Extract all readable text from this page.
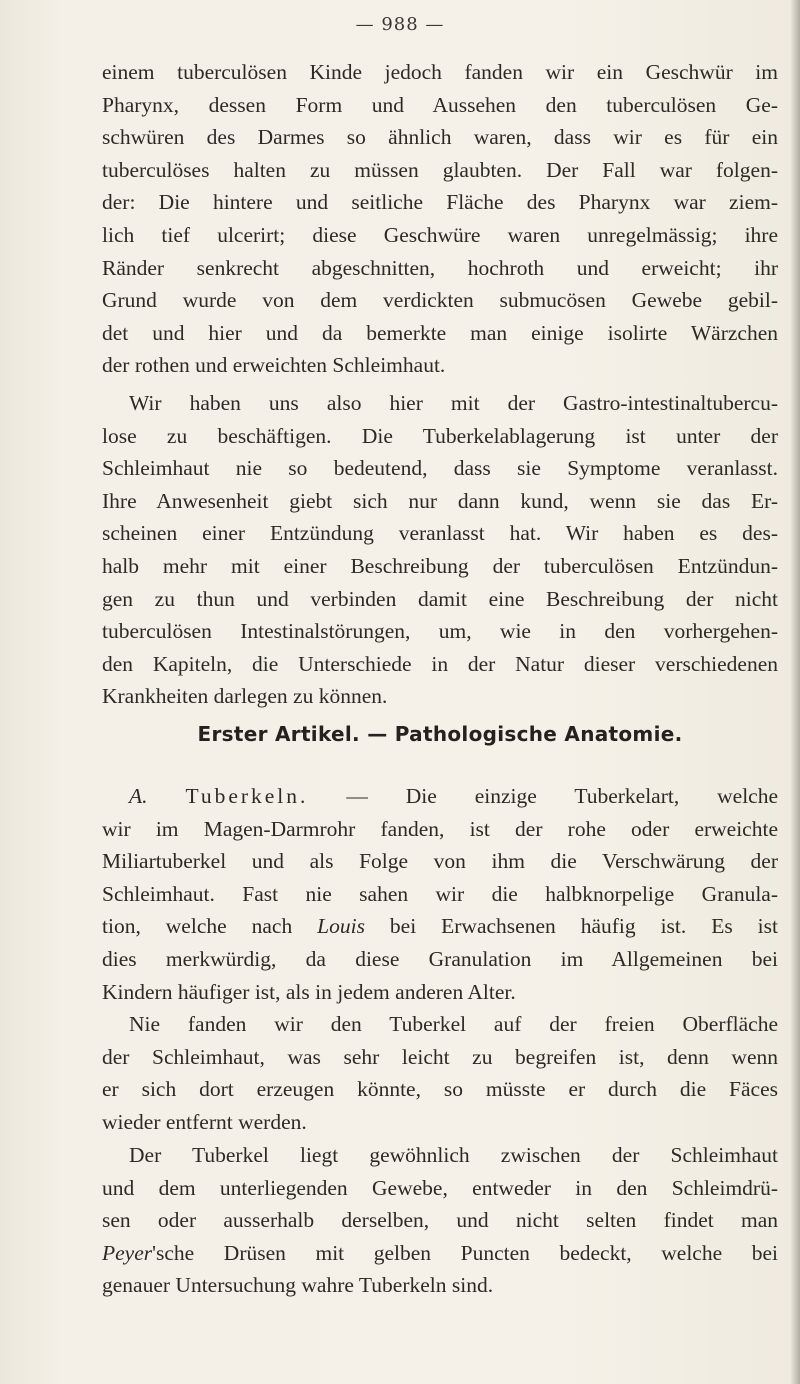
— 988 —
einem tuberculösen Kinde jedoch fanden wir ein Geschwür im
Pharynx, dessen Form und Aussehen den tuberculösen Ge-
schwüren des Darmes so ähnlich waren, dass wir es für ein
tuberculöses halten zu müssen glaubten. Der Fall war folgen-
der: Die hintere und seitliche Fläche des Pharynx war ziem-
lich tief ulcerirt; diese Geschwüre waren unregelmässig; ihre
Ränder senkrecht abgeschnitten, hochroth und erweicht; ihr
Grund wurde von dem verdickten submucösen Gewebe gebil-
det und hier und da bemerkte man einige isolirte Wärzchen
der rothen und erweichten Schleimhaut.
Wir haben uns also hier mit der Gastro-intestinaltubercu-
lose zu beschäftigen. Die Tuberkelablagerung ist unter der
Schleimhaut nie so bedeutend, dass sie Symptome veranlasst.
Ihre Anwesenheit giebt sich nur dann kund, wenn sie das Er-
scheinen einer Entzündung veranlasst hat. Wir haben es des-
halb mehr mit einer Beschreibung der tuberculösen Entzündun-
gen zu thun und verbinden damit eine Beschreibung der nicht
tuberculösen Intestinalstörungen, um, wie in den vorhergehen-
den Kapiteln, die Unterschiede in der Natur dieser verschiedenen
Krankheiten darlegen zu können.
Erster Artikel. — Pathologische Anatomie.
A. Tuberkeln. — Die einzige Tuberkelart, welche
wir im Magen-Darmrohr fanden, ist der rohe oder erweichte
Miliartuberkel und als Folge von ihm die Verschwärung der
Schleimhaut. Fast nie sahen wir die halbknorpelige Granula-
tion, welche nach Louis bei Erwachsenen häufig ist. Es ist
dies merkwürdig, da diese Granulation im Allgemeinen bei
Kindern häufiger ist, als in jedem anderen Alter.
Nie fanden wir den Tuberkel auf der freien Oberfläche
der Schleimhaut, was sehr leicht zu begreifen ist, denn wenn
er sich dort erzeugen könnte, so müsste er durch die Fäces
wieder entfernt werden.
Der Tuberkel liegt gewöhnlich zwischen der Schleimhaut
und dem unterliegenden Gewebe, entweder in den Schleimdrü-
sen oder ausserhalb derselben, und nicht selten findet man
Peyer'sche Drüsen mit gelben Puncten bedeckt, welche bei
genauer Untersuchung wahre Tuberkeln sind.
